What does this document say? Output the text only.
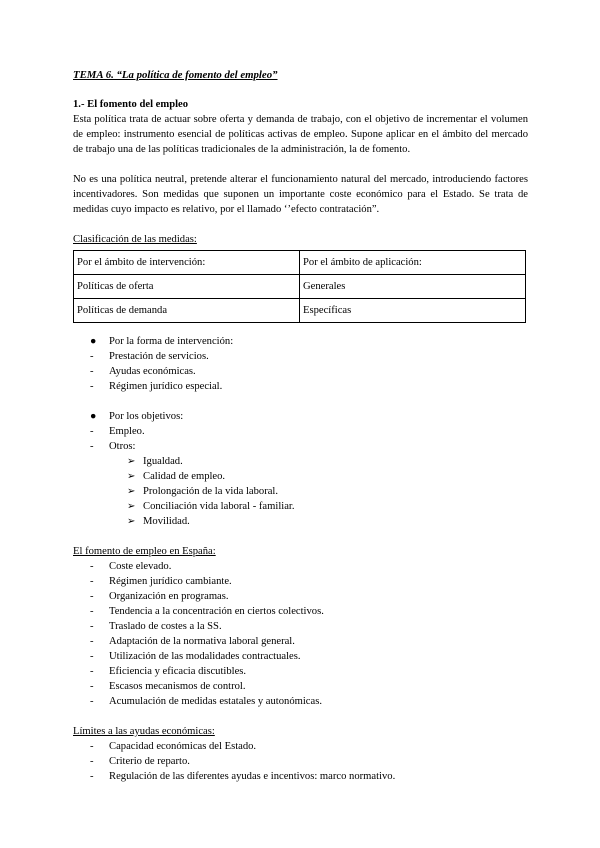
TEMA 6. “La política de fomento del empleo”

1.- El fomento del empleo

Esta política trata de actuar sobre oferta y demanda de trabajo, con el objetivo de incrementar el volumen de empleo: instrumento esencial de políticas activas de empleo. Supone aplicar en el ámbito del mercado de trabajo una de las políticas tradicionales de la administración, la de fomento.

No es una política neutral, pretende alterar el funcionamiento natural del mercado, introduciendo factores incentivadores. Son medidas que suponen un importante coste económico para el Estado. Se trata de medidas cuyo impacto es relativo, por el llamado ‘’efecto contratación”.

Clasificación de las medidas:

Por el ámbito de intervención:	Por el ámbito de aplicación:
Políticas de oferta	Generales
Políticas de demanda	Específicas
● Por la forma de intervención:
- Prestación de servicios.
- Ayudas económicas.
- Régimen jurídico especial.
● Por los objetivos:
- Empleo.
- Otros:
➢ Igualdad.
➢ Calidad de empleo.
➢ Prolongación de la vida laboral.
➢ Conciliación vida laboral - familiar.
➢ Movilidad.

El fomento de empleo en España:

- Coste elevado.
- Régimen jurídico cambiante.
- Organización en programas.
- Tendencia a la concentración en ciertos colectivos.
- Traslado de costes a la SS.
- Adaptación de la normativa laboral general.
- Utilización de las modalidades contractuales.
- Eficiencia y eficacia discutibles.
- Escasos mecanismos de control.
- Acumulación de medidas estatales y autonómicas.

Límites a las ayudas económicas:

- Capacidad económicas del Estado.
- Criterio de reparto.
- Regulación de las diferentes ayudas e incentivos: marco normativo.
